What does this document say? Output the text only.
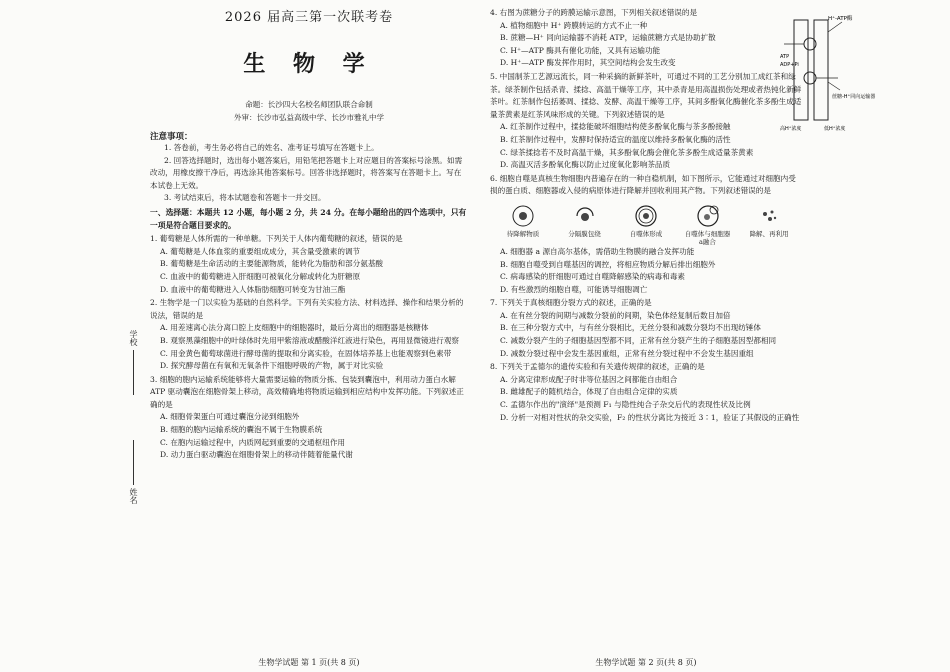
学校
姓名
2026 届高三第一次联考卷
生 物 学
命题：长沙四大名校名师团队联合命制
外审：长沙市弘益高级中学、长沙市雅礼中学
注意事项：
1. 答卷前，考生务必将自己的姓名、准考证号填写在答题卡上。
2. 回答选择题时，选出每小题答案后，用铅笔把答题卡上对应题目的答案标号涂黑。如需改动，用橡皮擦干净后，再选涂其他答案标号。回答非选择题时，将答案写在答题卡上。写在本试卷上无效。
3. 考试结束后，将本试题卷和答题卡一并交回。
一、选择题：本题共 12 小题，每小题 2 分，共 24 分。在每小题给出的四个选项中，只有一项是符合题目要求的。
1. 葡萄糖是人体所需的一种单糖。下列关于人体内葡萄糖的叙述，错误的是
A. 葡萄糖是人体血浆的重要组成成分，其含量受激素的调节
B. 葡萄糖是生命活动的主要能源物质，能转化为脂肪和部分氨基酸
C. 血液中的葡萄糖进入肝细胞可被氧化分解或转化为肝糖原
D. 血液中的葡萄糖进入人体脂肪细胞可转变为甘油三酯
2. 生物学是一门以实验为基础的自然科学。下列有关实验方法、材料选择、操作和结果分析的说法，错误的是
A. 用差速离心法分离口腔上皮细胞中的细胞器时，最后分离出的细胞器是核糖体
B. 观察黑藻细胞中的叶绿体时先用甲紫溶液或醋酸洋红液进行染色，再用显微镜进行观察
C. 用金黄色葡萄球菌进行酵母菌的提取和分离实验，在固体培养基上也能观察到色素带
D. 探究酵母菌在有氧和无氧条件下细胞呼吸的产物，属于对比实验
3. 细胞的胞内运输系统能够将大量需要运输的物质分拣、包装到囊泡中，利用动力蛋白水解 ATP 驱动囊泡在细胞骨架上移动，高效精确地将物质运输到相应结构中发挥功能。下列叙述正确的是
A. 细胞骨架蛋白可通过囊泡分泌到细胞外
B. 细胞的胞内运输系统的囊泡不属于生物膜系统
C. 在胞内运输过程中，内质网起到重要的交通枢纽作用
D. 动力蛋白驱动囊泡在细胞骨架上的移动伴随着能量代谢
生物学试题 第 1 页(共 8 页)
H⁺-ATP酶
ATP
ADP+Pi
蔗糖-H⁺同向运输器
高H⁺浓度	低H⁺浓度
4. 右图为蔗糖分子的跨膜运输示意图，下列相关叙述错误的是
A. 植物细胞中 H⁺ 跨膜转运的方式不止一种
B. 蔗糖—H⁺ 同向运输器不消耗 ATP，运输蔗糖方式是协助扩散
C. H⁺—ATP 酶具有催化功能，又具有运输功能
D. H⁺—ATP 酶发挥作用时，其空间结构会发生改变
5. 中国制茶工艺源远流长，同一种采摘的新鲜茶叶，可通过不同的工艺分别加工成红茶和绿茶。绿茶制作包括杀青、揉捻、高温干燥等工序，其中杀青是用高温损伤处理或者热钝化新鲜茶叶。红茶制作包括萎凋、揉捻、发酵、高温干燥等工序，其间多酚氧化酶催化茶多酚生成适量茶黄素是红茶风味形成的关键。下列叙述错误的是
A. 红茶制作过程中，揉捻能破坏细胞结构使多酚氧化酶与茶多酚接触
B. 红茶制作过程中，发酵时保持适宜的温度以维持多酚氧化酶的活性
C. 绿茶揉捻若不及时高温干燥，其多酚氧化酶会催化茶多酚生成适量茶黄素
D. 高温灭活多酚氧化酶以防止过度氧化影响茶品质
6. 细胞自噬是真核生物细胞内普遍存在的一种自稳机制，如下图所示，它能通过对细胞内受损的蛋白质、细胞器或入侵的病原体进行降解并回收利用其产物。下列叙述错误的是
待降解物质	分隔膜包绕	自噬体形成	自噬体与细胞器a融合
降解、再利用
A. 细胞器 a 源自高尔基体，需借助生物膜的融合发挥功能
B. 细胞自噬受到自噬基因的调控，将相应物质分解后排出细胞外
C. 病毒感染的肝细胞可通过自噬降解感染的病毒和毒素
D. 有些激烈的细胞自噬，可能诱导细胞凋亡
7. 下列关于真核细胞分裂方式的叙述，正确的是
A. 在有丝分裂的间期与减数分裂前的间期，染色体经复制后数目加倍
B. 在三种分裂方式中，与有丝分裂相比，无丝分裂和减数分裂均不出现纺锤体
C. 减数分裂产生的子细胞基因型都不同，正常有丝分裂产生的子细胞基因型都相同
D. 减数分裂过程中会发生基因重组，正常有丝分裂过程中不会发生基因重组
8. 下列关于孟德尔的遗传实验和有关遗传规律的叙述，正确的是
A. 分离定律形成配子时非等位基因之间都能自由组合
B. 雌雄配子的随机结合，体现了自由组合定律的实质
C. 孟德尔作出的"演绎"是预测 F₁ 与隐性纯合子杂交后代的表现性状及比例
D. 分析一对相对性状的杂交实验，F₂ 的性状分离比为接近 3∶1，验证了其假设的正确性
生物学试题 第 2 页(共 8 页)
